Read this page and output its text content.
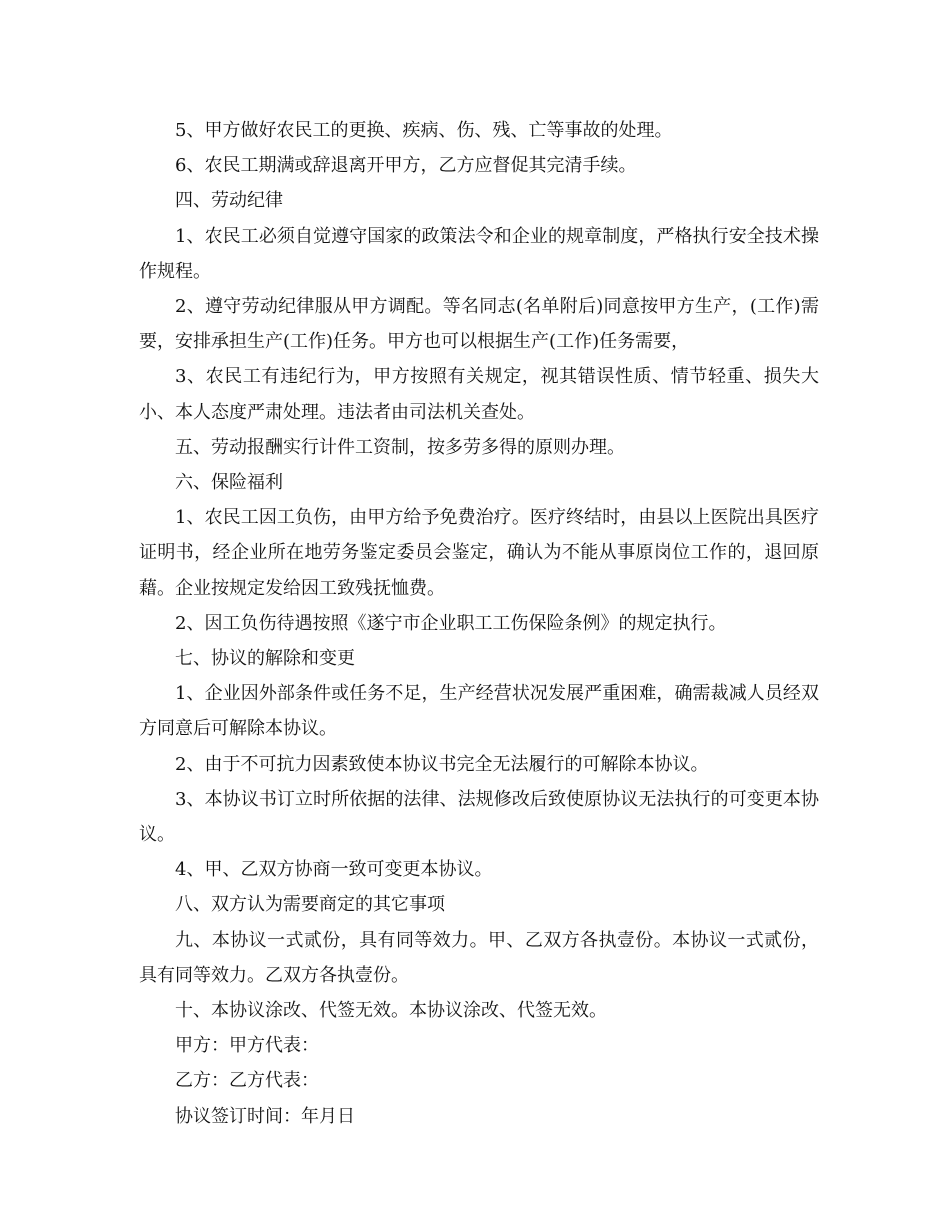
5、甲方做好农民工的更换、疾病、伤、残、亡等事故的处理。

6、农民工期满或辞退离开甲方，乙方应督促其完清手续。

四、劳动纪律

1、农民工必须自觉遵守国家的政策法令和企业的规章制度，严格执行安全技术操作规程。

2、遵守劳动纪律服从甲方调配。等名同志(名单附后)同意按甲方生产，(工作)需要，安排承担生产(工作)任务。甲方也可以根据生产(工作)任务需要，

3、农民工有违纪行为，甲方按照有关规定，视其错误性质、情节轻重、损失大小、本人态度严肃处理。违法者由司法机关查处。

五、劳动报酬实行计件工资制，按多劳多得的原则办理。

六、保险福利

1、农民工因工负伤，由甲方给予免费治疗。医疗终结时，由县以上医院出具医疗证明书，经企业所在地劳务鉴定委员会鉴定，确认为不能从事原岗位工作的，退回原藉。企业按规定发给因工致残抚恤费。

2、因工负伤待遇按照《遂宁市企业职工工伤保险条例》的规定执行。

七、协议的解除和变更

1、企业因外部条件或任务不足，生产经营状况发展严重困难，确需裁减人员经双方同意后可解除本协议。

2、由于不可抗力因素致使本协议书完全无法履行的可解除本协议。

3、本协议书订立时所依据的法律、法规修改后致使原协议无法执行的可变更本协议。

4、甲、乙双方协商一致可变更本协议。

八、双方认为需要商定的其它事项

九、本协议一式贰份，具有同等效力。甲、乙双方各执壹份。本协议一式贰份，具有同等效力。乙双方各执壹份。

十、本协议涂改、代签无效。本协议涂改、代签无效。

甲方：甲方代表：

乙方：乙方代表：

协议签订时间：年月日
